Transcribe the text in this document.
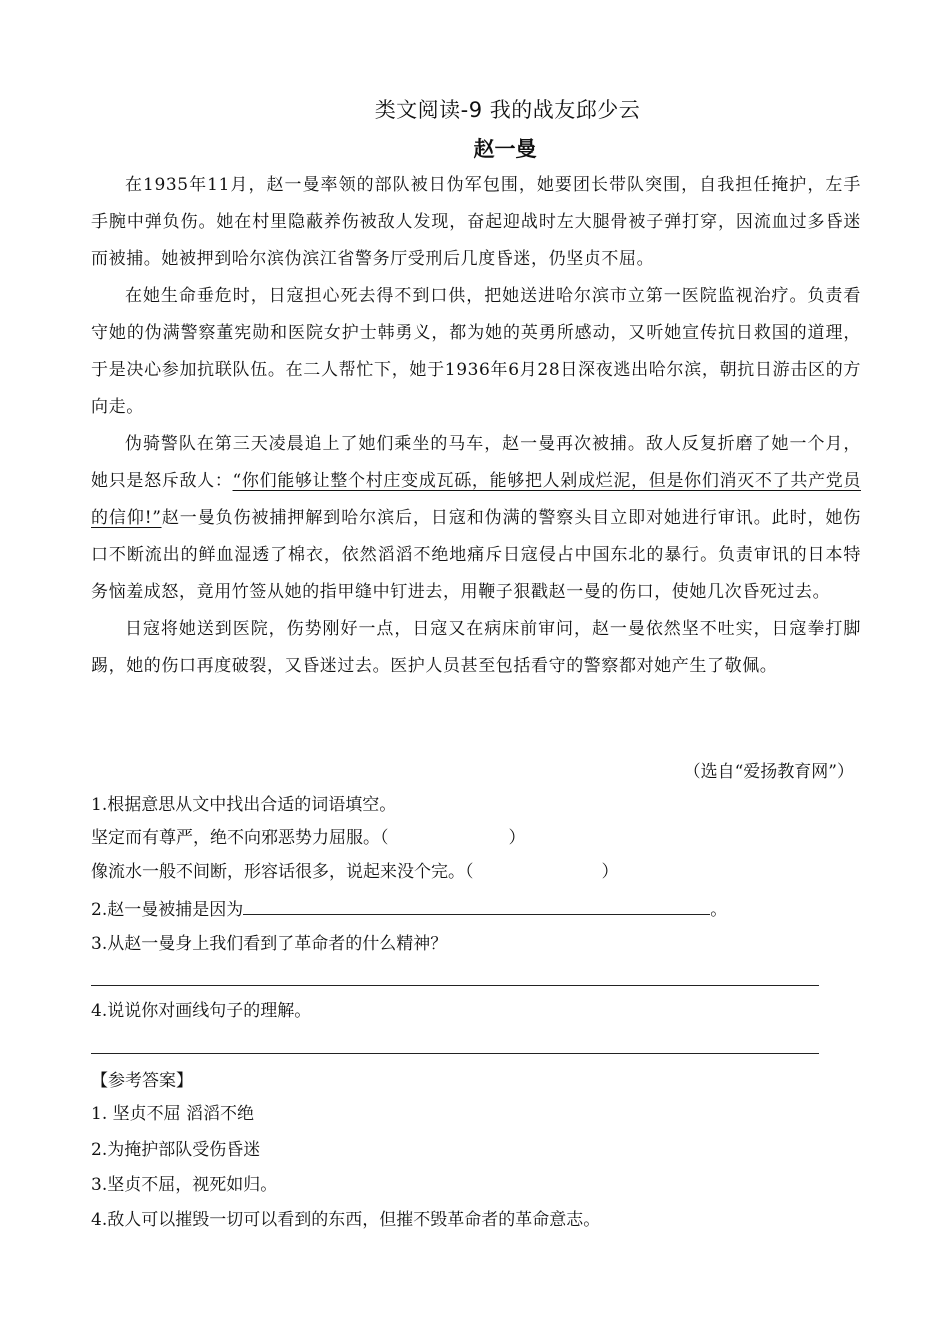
类文阅读-9 我的战友邱少云
赵一曼

在1935年11月，赵一曼率领的部队被日伪军包围，她要团长带队突围，自我担任掩护，左手手腕中弹负伤。她在村里隐蔽养伤被敌人发现，奋起迎战时左大腿骨被子弹打穿，因流血过多昏迷而被捕。她被押到哈尔滨伪滨江省警务厅受刑后几度昏迷，仍坚贞不屈。

在她生命垂危时，日寇担心死去得不到口供，把她送进哈尔滨市立第一医院监视治疗。负责看守她的伪满警察董宪勋和医院女护士韩勇义，都为她的英勇所感动，又听她宣传抗日救国的道理，于是决心参加抗联队伍。在二人帮忙下，她于1936年6月28日深夜逃出哈尔滨，朝抗日游击区的方向走。

伪骑警队在第三天凌晨追上了她们乘坐的马车，赵一曼再次被捕。敌人反复折磨了她一个月，她只是怒斥敌人：“你们能够让整个村庄变成瓦砾，能够把人剁成烂泥，但是你们消灭不了共产党员的信仰!”赵一曼负伤被捕押解到哈尔滨后，日寇和伪满的警察头目立即对她进行审讯。此时，她伤口不断流出的鲜血湿透了棉衣，依然滔滔不绝地痛斥日寇侵占中国东北的暴行。负责审讯的日本特务恼羞成怒，竟用竹签从她的指甲缝中钉进去，用鞭子狠戳赵一曼的伤口，使她几次昏死过去。

日寇将她送到医院，伤势刚好一点，日寇又在病床前审问，赵一曼依然坚不吐实，日寇拳打脚踢，她的伤口再度破裂，又昏迷过去。医护人员甚至包括看守的警察都对她产生了敬佩。

（选自“爱扬教育网”）
1.根据意思从文中找出合适的词语填空。
坚定而有尊严，绝不向邪恶势力屈服。（	）
像流水一般不间断，形容话很多，说起来没个完。（	）
2.赵一曼被捕是因为	。
3.从赵一曼身上我们看到了革命者的什么精神？
4.说说你对画线句子的理解。
【参考答案】
1. 坚贞不屈 滔滔不绝
2.为掩护部队受伤昏迷
3.坚贞不屈，视死如归。
4.敌人可以摧毁一切可以看到的东西，但摧不毁革命者的革命意志。
